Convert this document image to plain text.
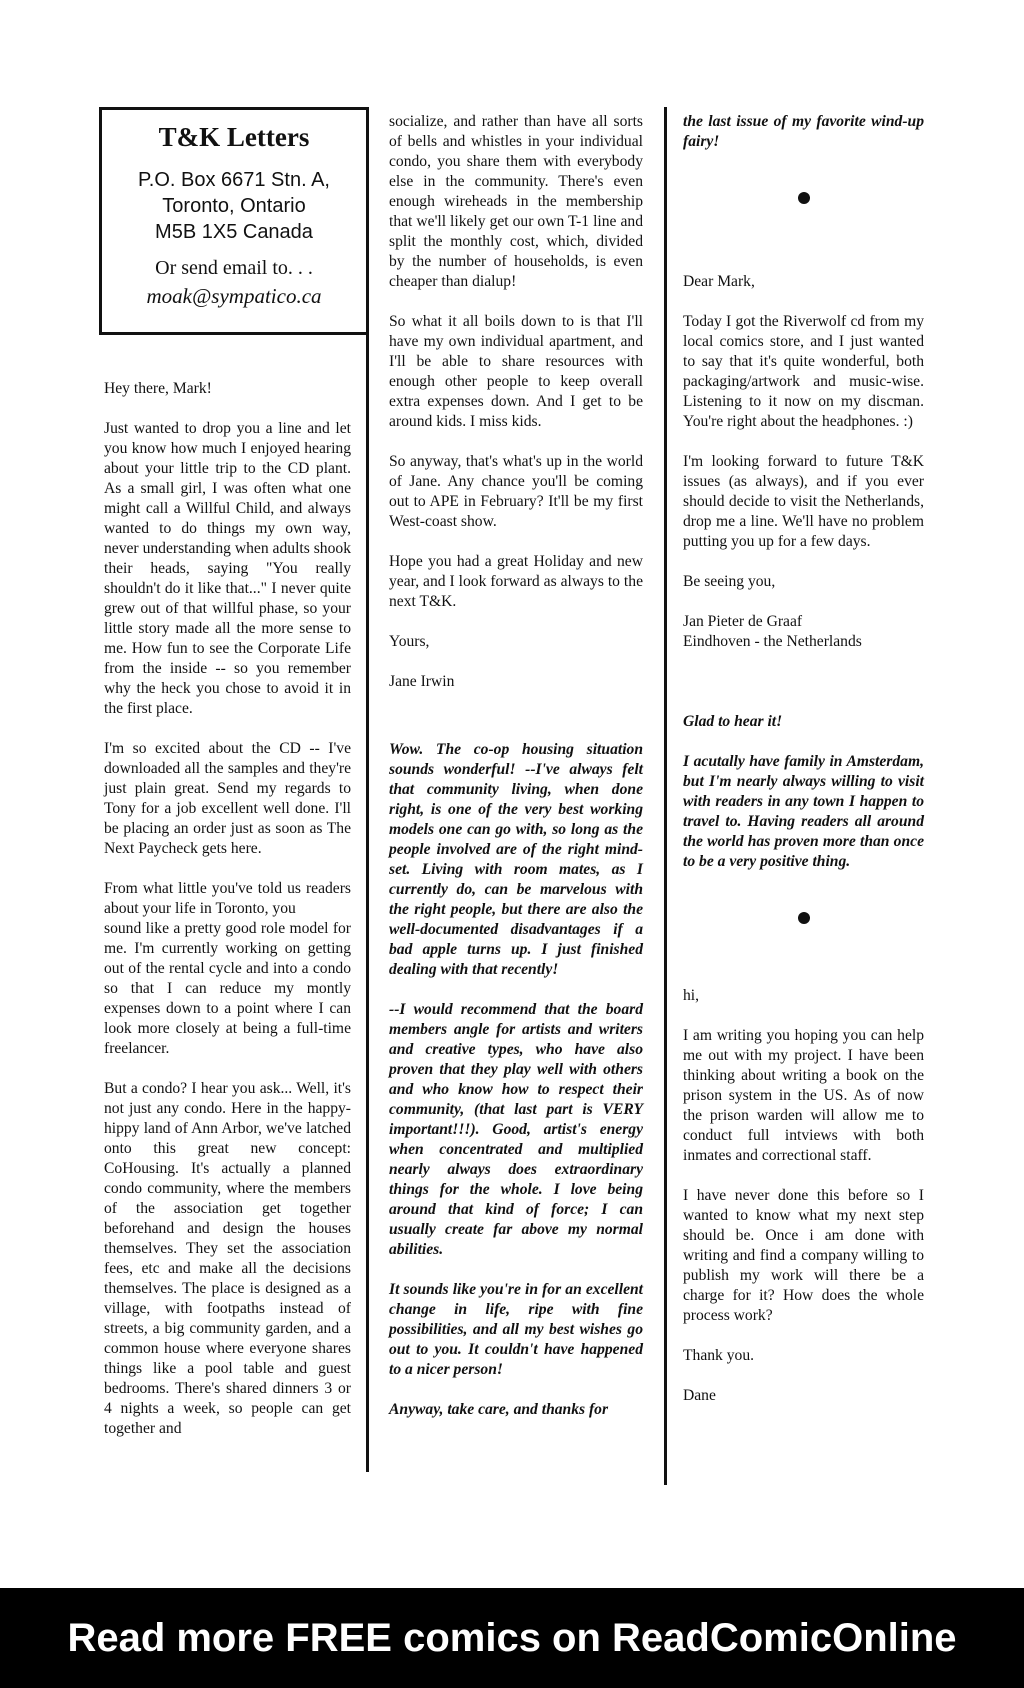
T&K Letters
P.O. Box 6671 Stn. A,
Toronto, Ontario
M5B 1X5 Canada
Or send email to. . .
moak@sympatico.ca

Hey there, Mark!

Just wanted to drop you a line and let you know how much I enjoyed hearing about your little trip to the CD plant. As a small girl, I was often what one might call a Willful Child, and always wanted to do things my own way, never understanding when adults shook their heads, saying "You really shouldn't do it like that..." I never quite grew out of that willful phase, so your little story made all the more sense to me. How fun to see the Corporate Life from the inside -- so you remember why the heck you chose to avoid it in the first place.

I'm so excited about the CD -- I've downloaded all the samples and they're just plain great. Send my regards to Tony for a job excellent well done. I'll be placing an order just as soon as The Next Paycheck gets here.

From what little you've told us readers about your life in Toronto, you

sound like a pretty good role model for me. I'm currently working on getting out of the rental cycle and into a condo so that I can reduce my montly expenses down to a point where I can look more closely at being a full-time freelancer.

But a condo? I hear you ask... Well, it's not just any condo. Here in the happy-hippy land of Ann Arbor, we've latched onto this great new concept: CoHousing. It's actually a planned condo community, where the members of the association get together beforehand and design the houses themselves. They set the association fees, etc and make all the decisions themselves. The place is designed as a village, with footpaths instead of streets, a big community garden, and a common house where everyone shares things like a pool table and guest bedrooms. There's shared dinners 3 or 4 nights a week, so people can get together and

socialize, and rather than have all sorts of bells and whistles in your individual condo, you share them with everybody else in the community. There's even enough wireheads in the membership that we'll likely get our own T-1 line and split the monthly cost, which, divided by the number of households, is even cheaper than dialup!

So what it all boils down to is that I'll have my own individual apartment, and I'll be able to share resources with enough other people to keep overall extra expenses down. And I get to be around kids. I miss kids.

So anyway, that's what's up in the world of Jane. Any chance you'll be coming out to APE in February? It'll be my first West-coast show.

Hope you had a great Holiday and new year, and I look forward as always to the next T&K.

Yours,

Jane Irwin

Wow. The co-op housing situation sounds wonderful! --I've always felt that community living, when done right, is one of the very best working models one can go with, so long as the people involved are of the right mind-set. Living with room mates, as I currently do, can be marvelous with the right people, but there are also the well-documented disadvantages if a bad apple turns up. I just finished dealing with that recently!

--I would recommend that the board members angle for artists and writers and creative types, who have also proven that they play well with others and who know how to respect their community, (that last part is VERY important!!!). Good, artist's energy when concentrated and multiplied nearly always does extraordinary things for the whole. I love being around that kind of force; I can usually create far above my normal abilities.

It sounds like you're in for an excellent change in life, ripe with fine possibilities, and all my best wishes go out to you. It couldn't have happened to a nicer person!

Anyway, take care, and thanks for

the last issue of my favorite wind-up fairy!

Dear Mark,

Today I got the Riverwolf cd from my local comics store, and I just wanted to say that it's quite wonderful, both packaging/artwork and music-wise. Listening to it now on my discman. You're right about the headphones. :)

I'm looking forward to future T&K issues (as always), and if you ever should decide to visit the Netherlands, drop me a line. We'll have no problem putting you up for a few days.

Be seeing you,

Jan Pieter de Graaf

Eindhoven - the Netherlands

Glad to hear it!

I acutally have family in Amsterdam, but I'm nearly always willing to visit with readers in any town I happen to travel to. Having readers all around the world has proven more than once to be a very positive thing.

hi,

I am writing you hoping you can help me out with my project. I have been thinking about writing a book on the prison system in the US. As of now the prison warden will allow me to conduct full intviews with both inmates and correctional staff.

I have never done this before so I wanted to know what my next step should be. Once i am done with writing and find a company willing to publish my work will there be a charge for it? How does the whole process work?

Thank you.

Dane

Read more FREE comics on ReadComicOnline
